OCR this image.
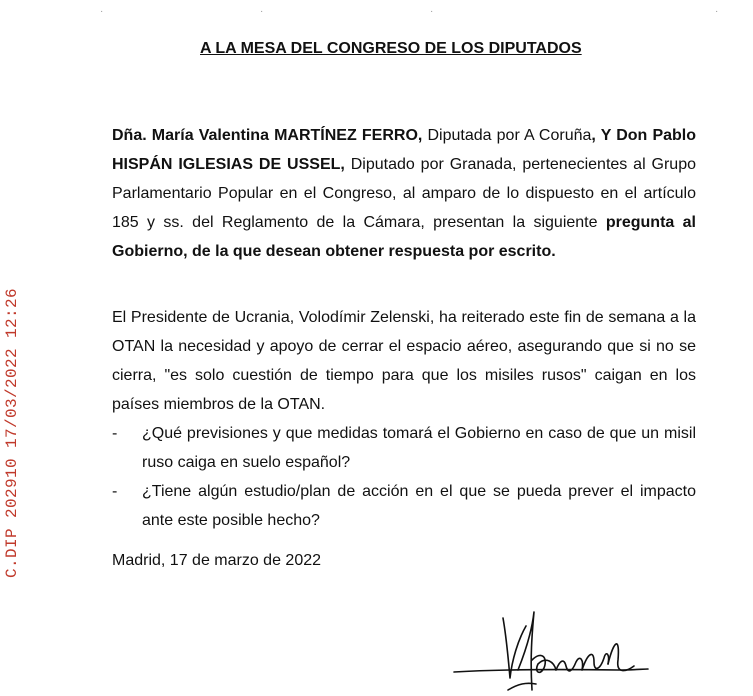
·	·	·	·
C.DIP 202910 17/03/2022 12:26
A LA MESA DEL CONGRESO DE LOS DIPUTADOS

Dña. María Valentina MARTÍNEZ FERRO, Diputada por A Coruña, Y Don Pablo HISPÁN IGLESIAS DE USSEL, Diputado por Granada, pertenecientes al Grupo Parlamentario Popular en el Congreso, al amparo de lo dispuesto en el artículo 185 y ss. del Reglamento de la Cámara, presentan la siguiente pregunta al Gobierno, de la que desean obtener respuesta por escrito.

El Presidente de Ucrania, Volodímir Zelenski, ha reiterado este fin de semana a la OTAN la necesidad y apoyo de cerrar el espacio aéreo, asegurando que si no se cierra, "es solo cuestión de tiempo para que los misiles rusos" caigan en los países miembros de la OTAN.
-	¿Qué previsiones y que medidas tomará el Gobierno en caso de que un misil ruso caiga en suelo español?
-	¿Tiene algún estudio/plan de acción en el que se pueda prever el impacto ante este posible hecho?
Madrid, 17 de marzo de 2022
